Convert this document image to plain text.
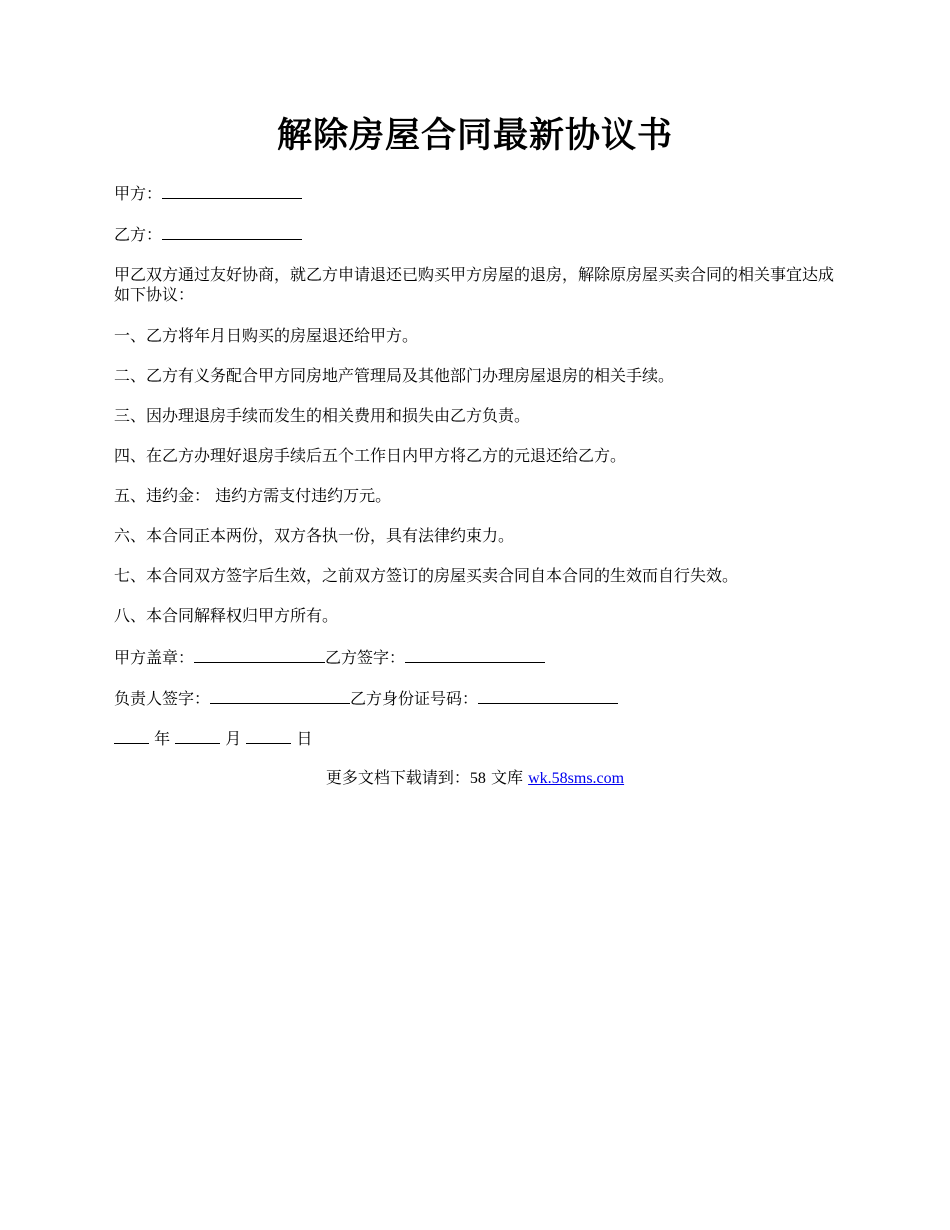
解除房屋合同最新协议书
甲方：
乙方：
甲乙双方通过友好协商，就乙方申请退还已购买甲方房屋的退房，解除原房屋买卖合同的相关事宜达成如下协议：
一、乙方将年月日购买的房屋退还给甲方。
二、乙方有义务配合甲方同房地产管理局及其他部门办理房屋退房的相关手续。
三、因办理退房手续而发生的相关费用和损失由乙方负责。
四、在乙方办理好退房手续后五个工作日内甲方将乙方的元退还给乙方。
五、违约金： 违约方需支付违约万元。
六、本合同正本两份，双方各执一份，具有法律约束力。
七、本合同双方签字后生效，之前双方签订的房屋买卖合同自本合同的生效而自行失效。
八、本合同解释权归甲方所有。
甲方盖章：	乙方签字：
负责人签字：	乙方身份证号码：
年	月	日
更多文档下载请到：58 文库 wk.58sms.com
